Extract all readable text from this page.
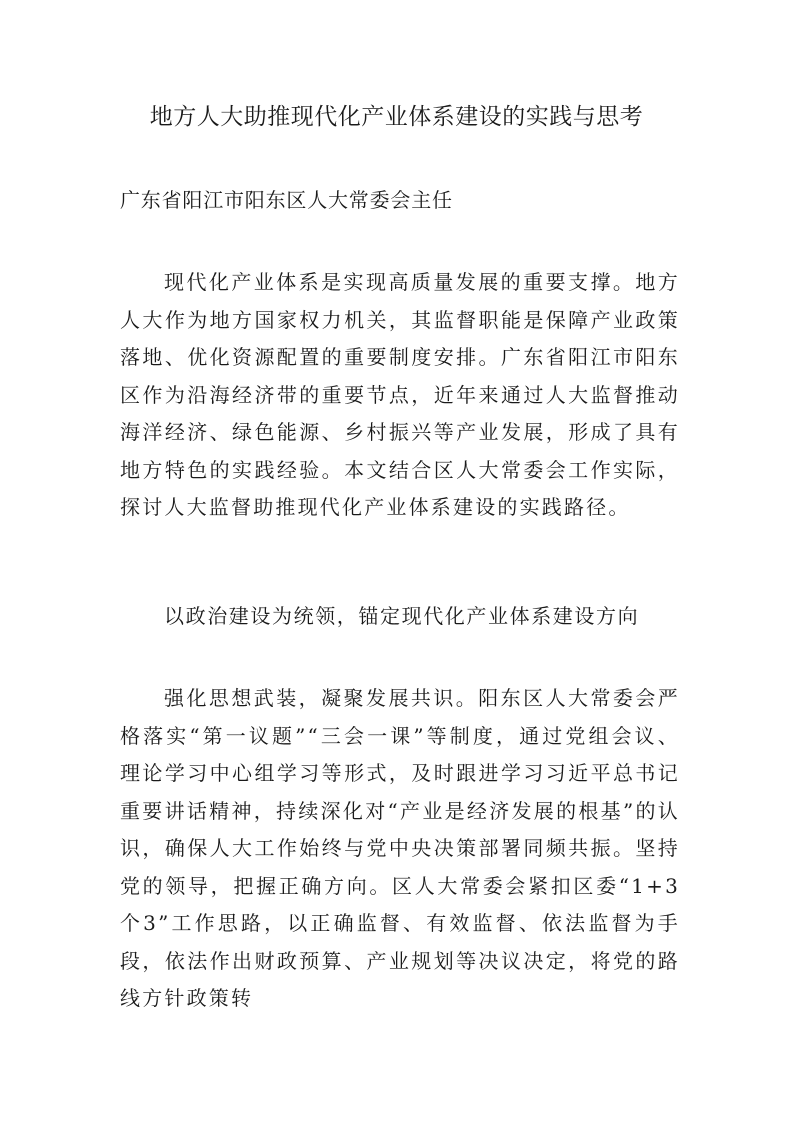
地方人大助推现代化产业体系建设的实践与思考
广东省阳江市阳东区人大常委会主任

现代化产业体系是实现高质量发展的重要支撑。地方人大作为地方国家权力机关，其监督职能是保障产业政策落地、优化资源配置的重要制度安排。广东省阳江市阳东区作为沿海经济带的重要节点，近年来通过人大监督推动海洋经济、绿色能源、乡村振兴等产业发展，形成了具有地方特色的实践经验。本文结合区人大常委会工作实际，探讨人大监督助推现代化产业体系建设的实践路径。

以政治建设为统领，锚定现代化产业体系建设方向

强化思想武装，凝聚发展共识。阳东区人大常委会严格落实“第一议题”“三会一课”等制度，通过党组会议、理论学习中心组学习等形式，及时跟进学习习近平总书记重要讲话精神，持续深化对“产业是经济发展的根基”的认识，确保人大工作始终与党中央决策部署同频共振。坚持党的领导，把握正确方向。区人大常委会紧扣区委“1+3个3”工作思路，以正确监督、有效监督、依法监督为手段，依法作出财政预算、产业规划等决议决定，将党的路线方针政策转
